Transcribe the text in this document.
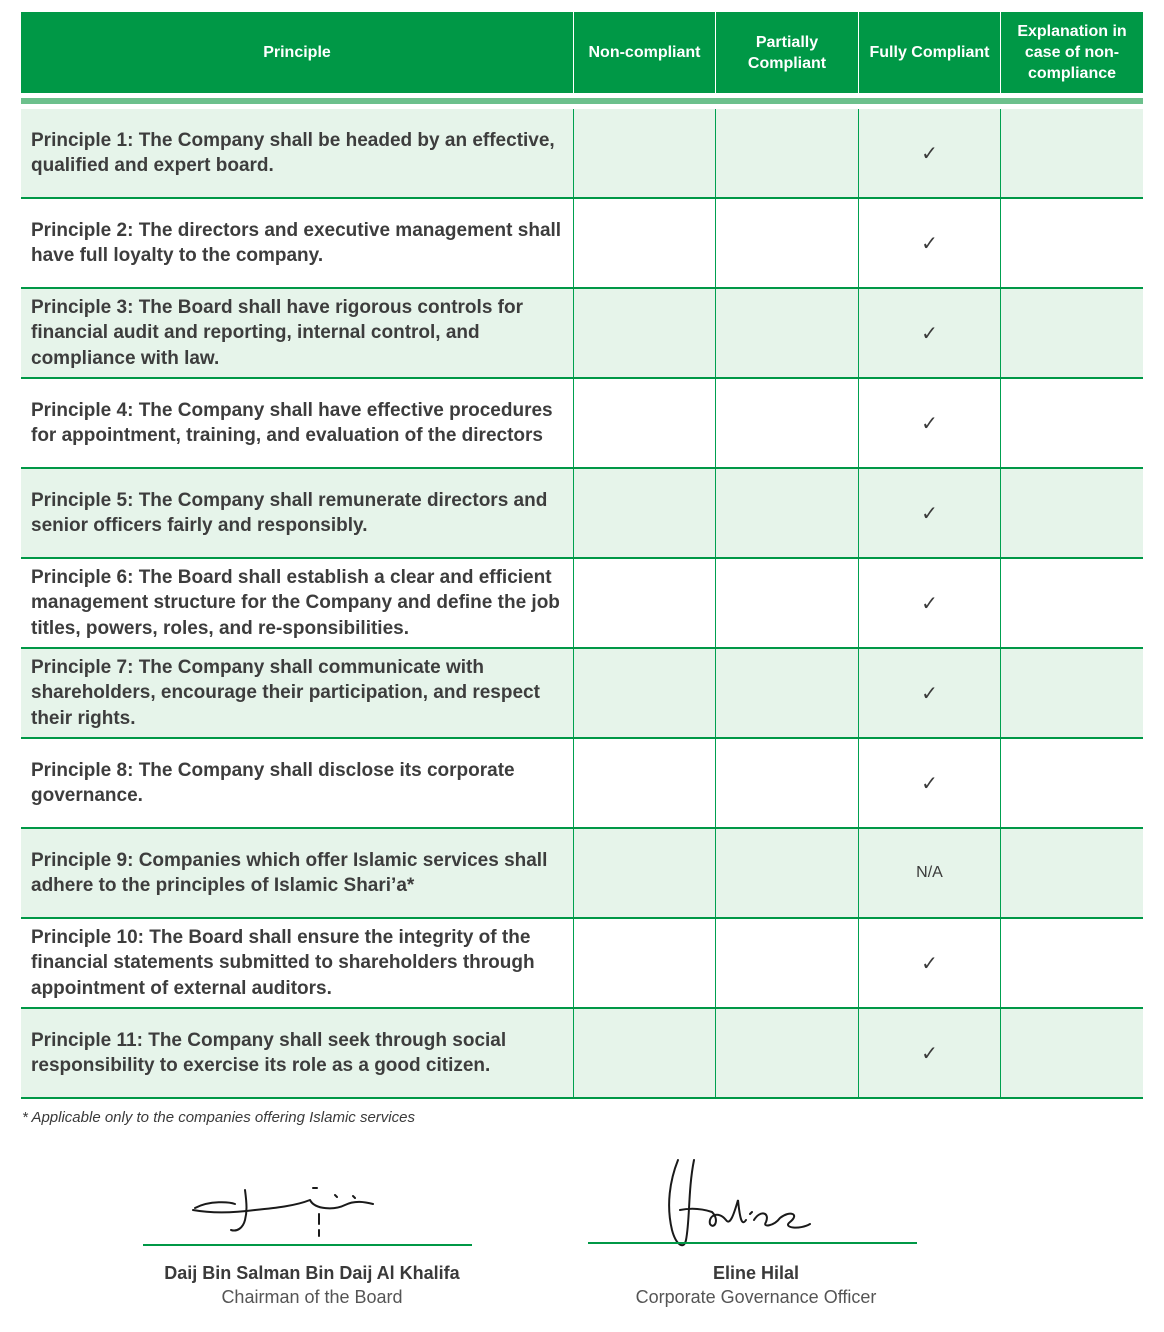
Principle	Non-compliant
Partially Compliant
Fully Compliant
Explanation in case of non-compliance
Principle 1: The Company shall be headed by an effective, qualified and expert board.
✓
Principle 2: The directors and executive management shall have full loyalty to the company.
✓
Principle 3: The Board shall have rigorous controls for financial audit and reporting, internal control, and compliance with law.
✓
Principle 4: The Company shall have effective procedures for appointment, training, and evaluation of the directors
✓
Principle 5: The Company shall remunerate directors and senior officers fairly and responsibly.
✓
Principle 6: The Board shall establish a clear and efficient management structure for the Company and define the job titles, powers, roles, and re-sponsibilities.
✓
Principle 7: The Company shall communicate with shareholders, encourage their participation, and respect their rights.
✓
Principle 8: The Company shall disclose its corporate governance.
✓
Principle 9: Companies which offer Islamic services shall adhere to the principles of Islamic Shari’a*
N/A
Principle 10: The Board shall ensure the integrity of the financial statements submitted to shareholders through appointment of external auditors.
✓
Principle 11: The Company shall seek through social responsibility to exercise its role as a good citizen.
✓
* Applicable only to the companies offering Islamic services
Daij Bin Salman Bin Daij Al Khalifa
Chairman of the Board
Eline Hilal
Corporate Governance Officer
